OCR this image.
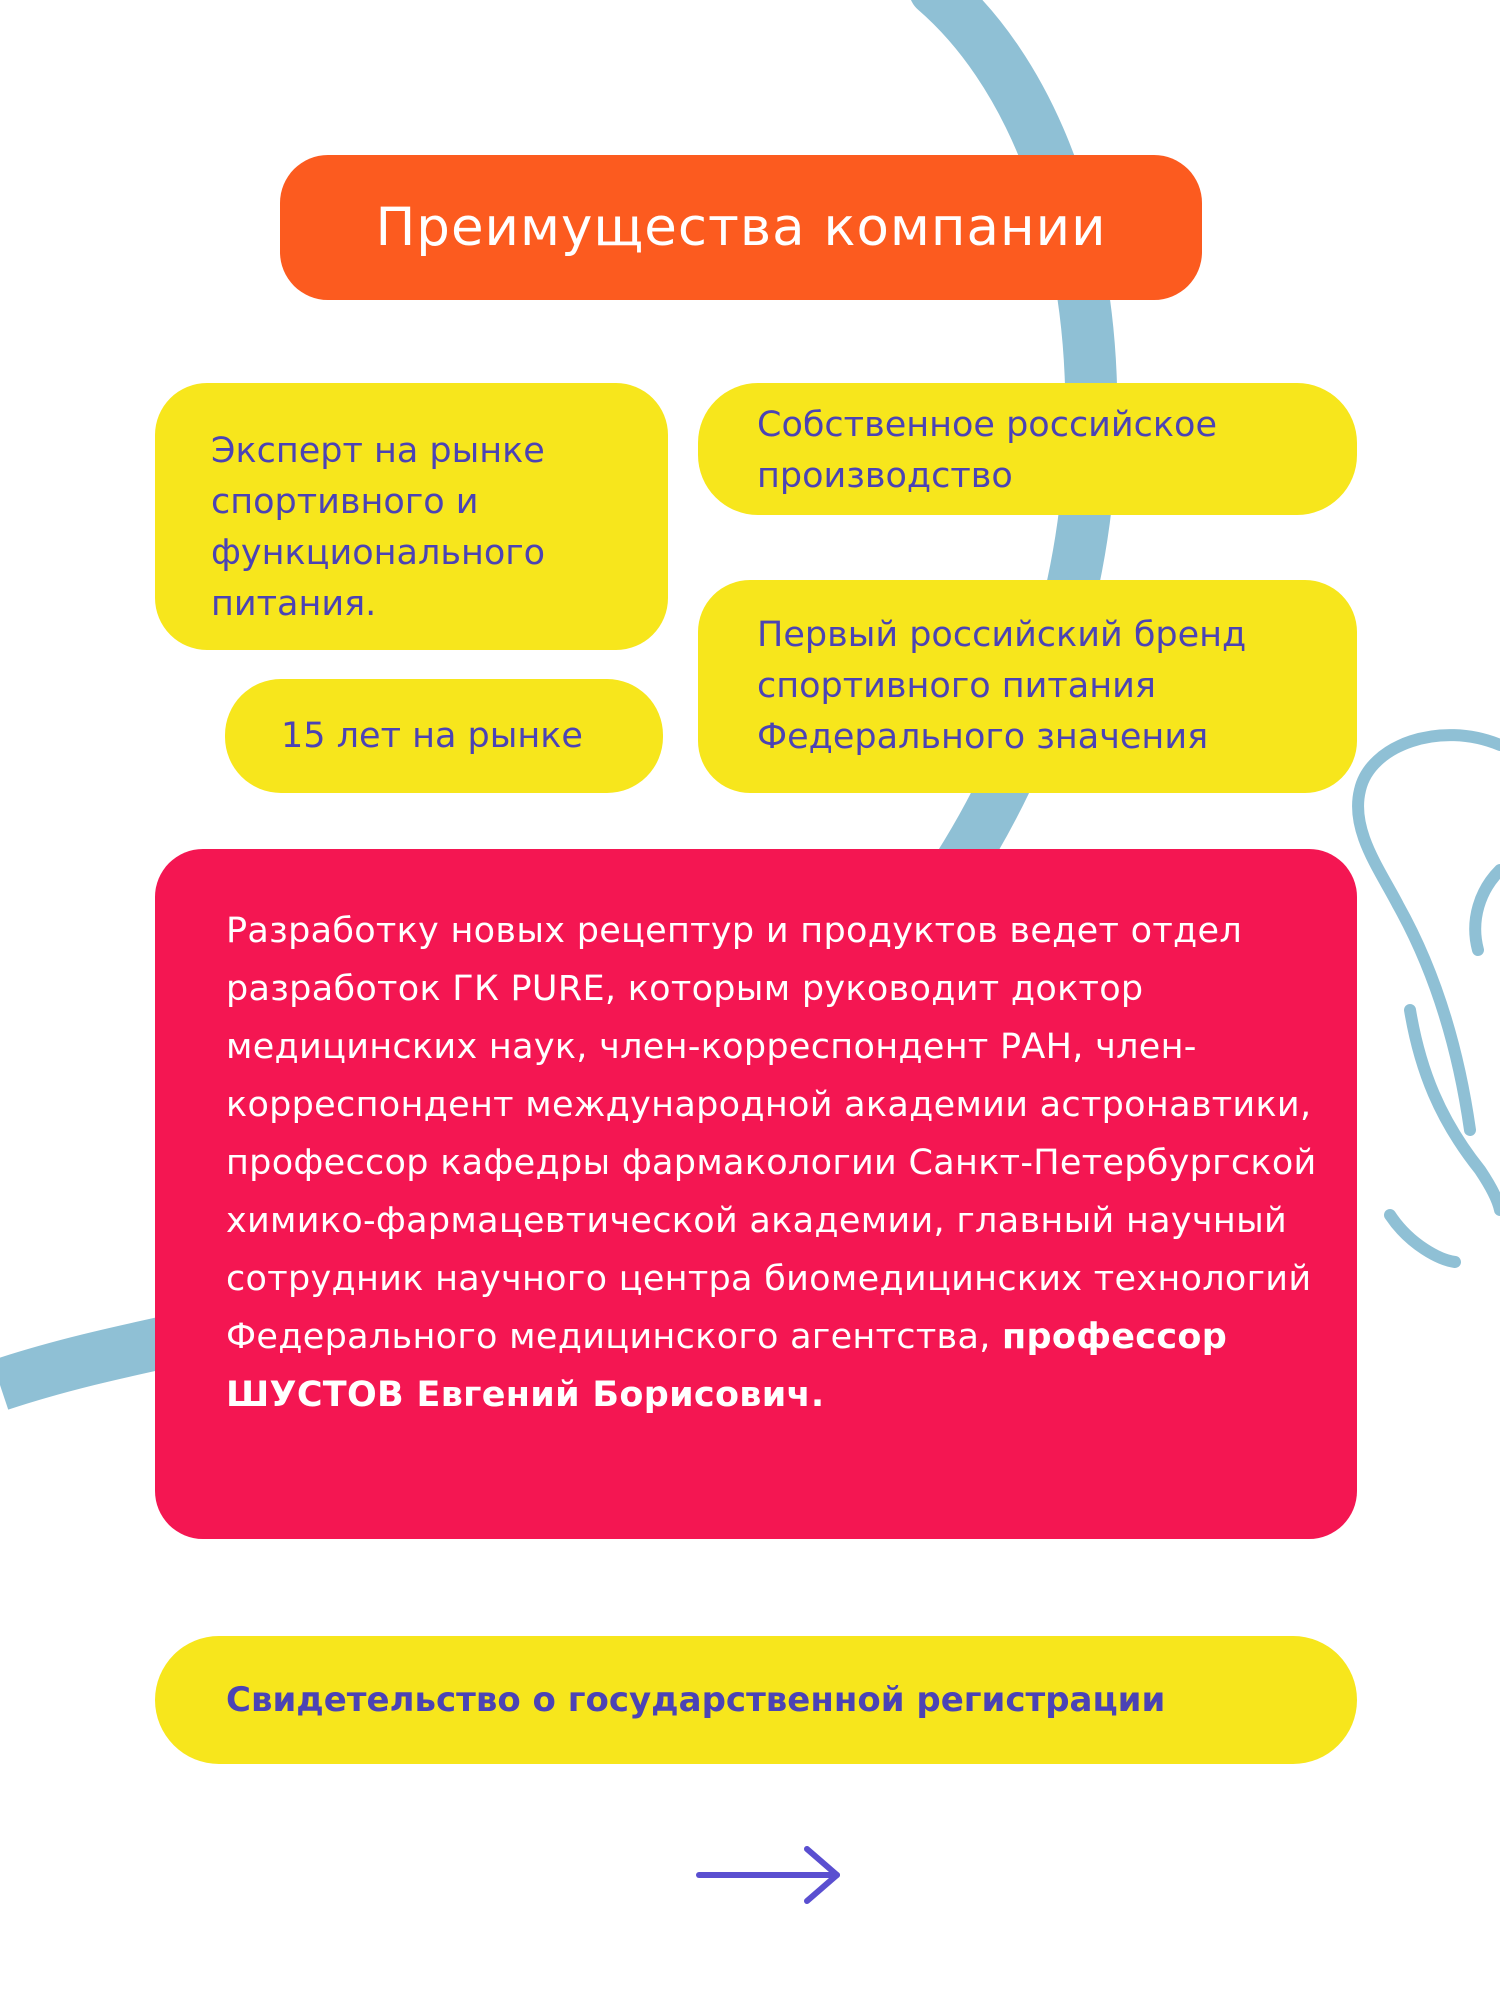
Преимущества компании
Эксперт на рынке спортивного и функционального питания.
Собственное российское производство
15 лет на рынке
Первый российский бренд спортивного питания Федерального значения
Разработку новых рецептур и продуктов ведет отдел разработок ГК PURE, которым руководит доктор медицинских наук, член-корреспондент РАН, член-корреспондент международной академии астронавтики, профессор кафедры фармакологии Санкт-Петербургской химико-фармацевтической академии, главный научный сотрудник научного центра биомедицинских технологий Федерального медицинского агентства, профессор ШУСТОВ Евгений Борисович.
Свидетельство о государственной регистрации
